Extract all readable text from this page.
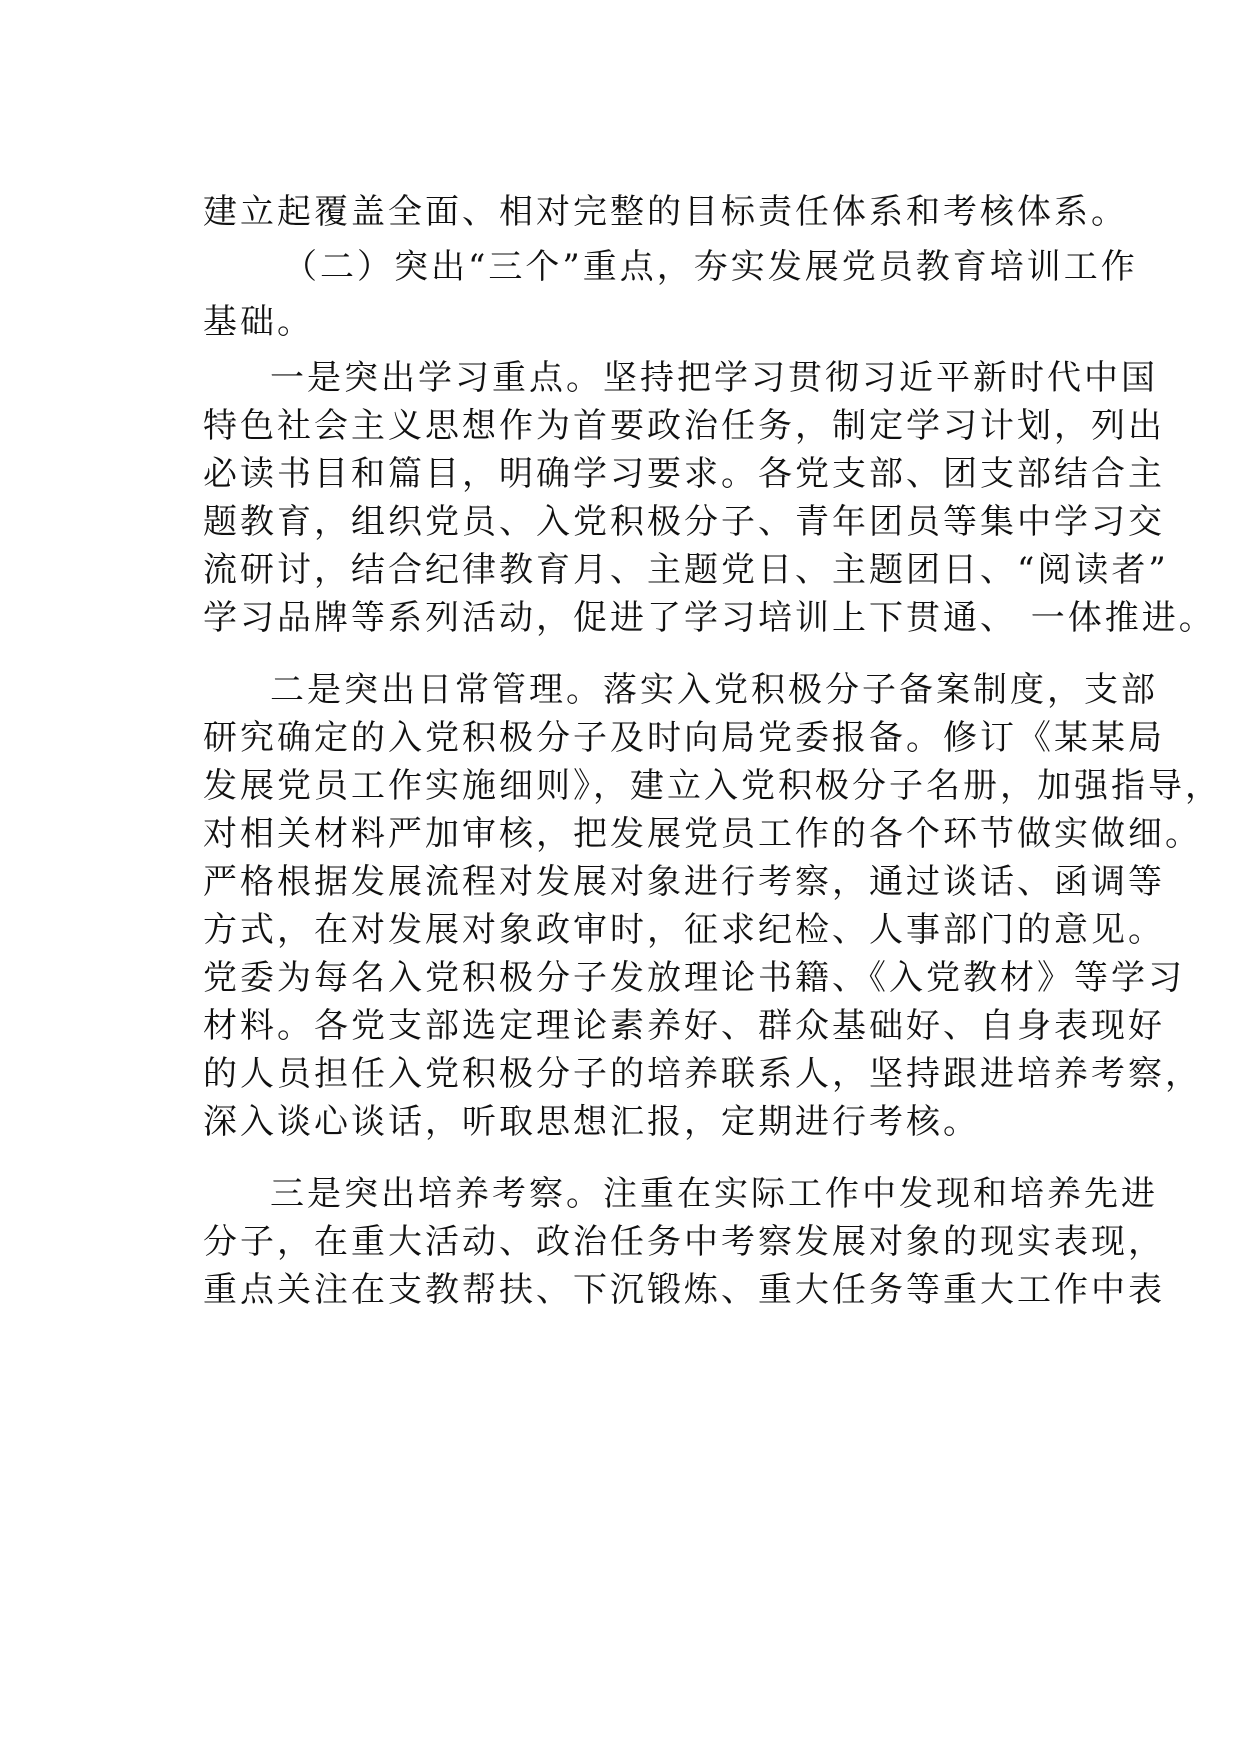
建立起覆盖全面、相对完整的目标责任体系和考核体系。
（二）突出“三个”重点，夯实发展党员教育培训工作
基础。
一是突出学习重点。坚持把学习贯彻习近平新时代中国
特色社会主义思想作为首要政治任务，制定学习计划，列出
必读书目和篇目，明确学习要求。各党支部、团支部结合主
题教育，组织党员、入党积极分子、青年团员等集中学习交
流研讨，结合纪律教育月、主题党日、主题团日、“阅读者”
学习品牌等系列活动，促进了学习培训上下贯通、 一体推进。
二是突出日常管理。落实入党积极分子备案制度，支部
研究确定的入党积极分子及时向局党委报备。修订《某某局
发展党员工作实施细则》，建立入党积极分子名册，加强指导，
对相关材料严加审核，把发展党员工作的各个环节做实做细。
严格根据发展流程对发展对象进行考察，通过谈话、函调等
方式，在对发展对象政审时，征求纪检、人事部门的意见。
党委为每名入党积极分子发放理论书籍、《入党教材》等学习
材料。各党支部选定理论素养好、群众基础好、自身表现好
的人员担任入党积极分子的培养联系人，坚持跟进培养考察，
深入谈心谈话，听取思想汇报，定期进行考核。
三是突出培养考察。注重在实际工作中发现和培养先进
分子，在重大活动、政治任务中考察发展对象的现实表现，
重点关注在支教帮扶、下沉锻炼、重大任务等重大工作中表
